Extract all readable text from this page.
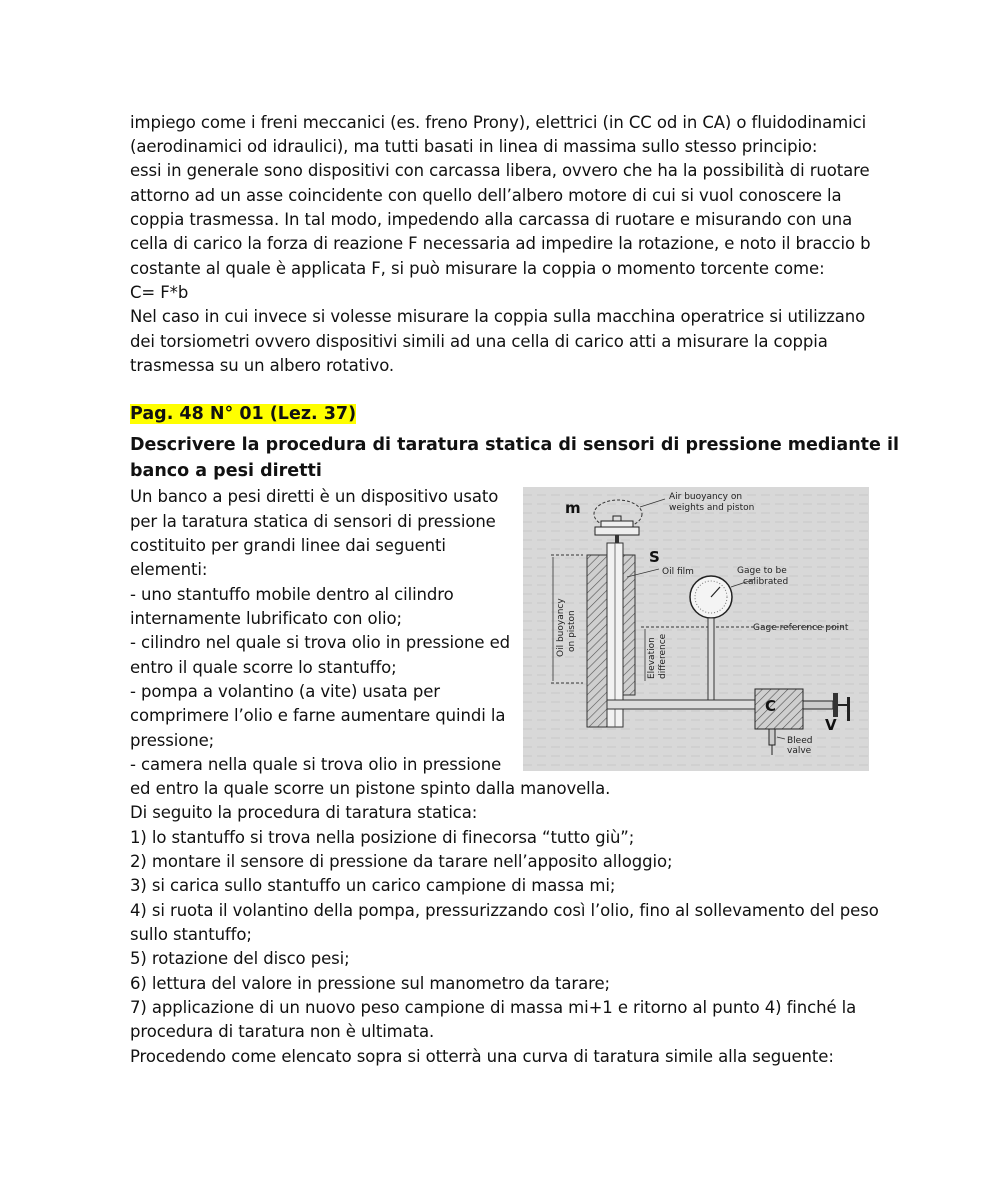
impiego come i freni meccanici (es. freno Prony), elettrici (in CC od in CA) o fluidodinamici
(aerodinamici od idraulici), ma tutti basati in linea di massima sullo stesso principio:
essi in generale sono dispositivi con carcassa libera, ovvero che ha la possibilità di ruotare
attorno ad un asse coincidente con quello dell’albero motore di cui si vuol conoscere la
coppia trasmessa. In tal modo, impedendo alla carcassa di ruotare e misurando con una
cella di carico la forza di reazione F necessaria ad impedire la rotazione, e noto il braccio b
costante al quale è applicata F, si può misurare la coppia o momento torcente come:
C= F*b
Nel caso in cui invece si volesse misurare la coppia sulla macchina operatrice si utilizzano
dei torsiometri ovvero dispositivi simili ad una cella di carico atti a misurare la coppia
trasmessa su un albero rotativo.
Pag. 48 N° 01 (Lez. 37)
Descrivere la procedura di taratura statica di sensori di pressione mediante il
banco a pesi diretti
Un banco a pesi diretti è un dispositivo usato
per la taratura statica di sensori di pressione
costituito per grandi linee dai seguenti
elementi:
- uno stantuffo mobile dentro al cilindro
internamente lubrificato con olio;
- cilindro nel quale si trova olio in pressione ed
entro il quale scorre lo stantuffo;
- pompa a volantino (a vite) usata per
comprimere l’olio e farne aumentare quindi la
pressione;
- camera nella quale si trova olio in pressione
m
Air buoyancy on
weights and piston
S
Oil film
Oil buoyancy on piston	Gage reference point
Elevation difference
Gage to be
calibrated
C
V
Bleed
valve
ed entro la quale scorre un pistone spinto dalla manovella.
Di seguito la procedura di taratura statica:
1) lo stantuffo si trova nella posizione di finecorsa “tutto giù”;
2) montare il sensore di pressione da tarare nell’apposito alloggio;
3) si carica sullo stantuffo un carico campione di massa mi;
4) si ruota il volantino della pompa, pressurizzando così l’olio, fino al sollevamento del peso
sullo stantuffo;
5) rotazione del disco pesi;
6) lettura del valore in pressione sul manometro da tarare;
7) applicazione di un nuovo peso campione di massa mi+1 e ritorno al punto 4) finché la
procedura di taratura non è ultimata.
Procedendo come elencato sopra si otterrà una curva di taratura simile alla seguente:
